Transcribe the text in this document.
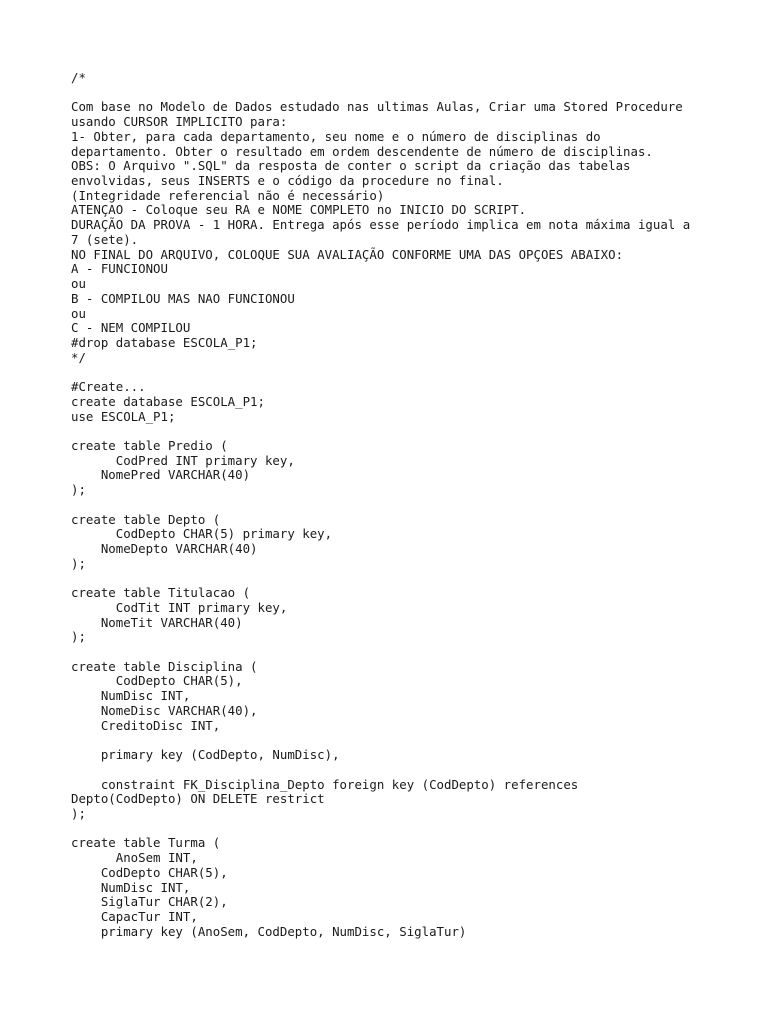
/*
Com base no Modelo de Dados estudado nas ultimas Aulas, Criar uma Stored Procedure
usando CURSOR IMPLICITO para:
1- Obter, para cada departamento, seu nome e o número de disciplinas do
departamento. Obter o resultado em ordem descendente de número de disciplinas.
OBS: O Arquivo ".SQL" da resposta de conter o script da criação das tabelas
envolvidas, seus INSERTS e o código da procedure no final.
(Integridade referencial não é necessário)
ATENÇAO - Coloque seu RA e NOME COMPLETO no INICIO DO SCRIPT.
DURAÇÃO DA PROVA - 1 HORA. Entrega após esse período implica em nota máxima igual a
7 (sete).
NO FINAL DO ARQUIVO, COLOQUE SUA AVALIAÇÃO CONFORME UMA DAS OPÇOES ABAIXO:
A - FUNCIONOU
ou
B - COMPILOU MAS NAO FUNCIONOU
ou
C - NEM COMPILOU
#drop database ESCOLA_P1;
*/
#Create...
create database ESCOLA_P1;
use ESCOLA_P1;
create table Predio (
CodPred INT primary key,
NomePred VARCHAR(40)
);
create table Depto (
CodDepto CHAR(5) primary key,
NomeDepto VARCHAR(40)
);
create table Titulacao (
CodTit INT primary key,
NomeTit VARCHAR(40)
);
create table Disciplina (
CodDepto CHAR(5),
NumDisc INT,
NomeDisc VARCHAR(40),
CreditoDisc INT,
primary key (CodDepto, NumDisc),
constraint FK_Disciplina_Depto foreign key (CodDepto) references
Depto(CodDepto) ON DELETE restrict
);
create table Turma (
AnoSem INT,
CodDepto CHAR(5),
NumDisc INT,
SiglaTur CHAR(2),
CapacTur INT,
primary key (AnoSem, CodDepto, NumDisc, SiglaTur)
